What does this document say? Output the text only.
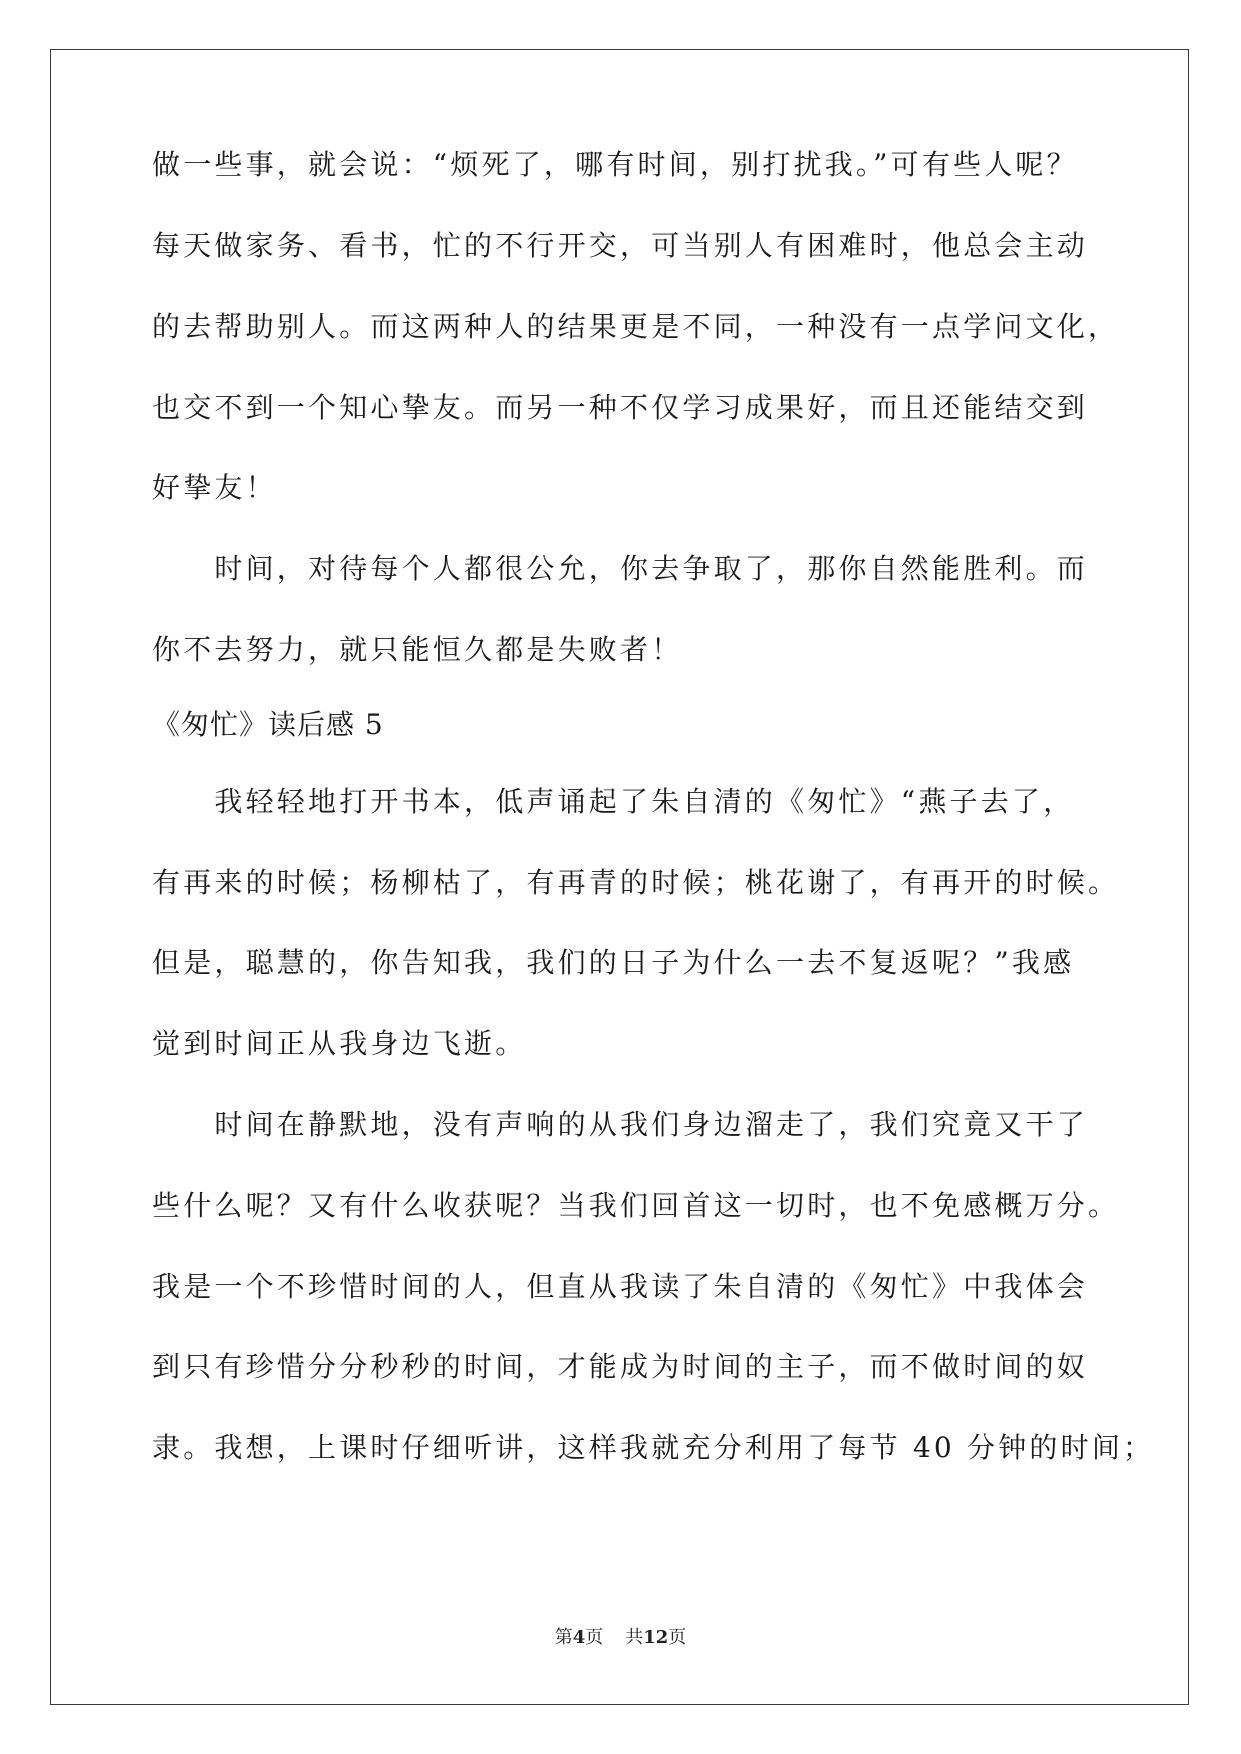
做一些事，就会说：“烦死了，哪有时间，别打扰我。”可有些人呢？
每天做家务、看书，忙的不行开交，可当别人有困难时，他总会主动
的去帮助别人。而这两种人的结果更是不同，一种没有一点学问文化，
也交不到一个知心挚友。而另一种不仅学习成果好，而且还能结交到
好挚友！
　　时间，对待每个人都很公允，你去争取了，那你自然能胜利。而
你不去努力，就只能恒久都是失败者！
《匆忙》读后感 5
　　我轻轻地打开书本，低声诵起了朱自清的《匆忙》“燕子去了，
有再来的时候；杨柳枯了，有再青的时候；桃花谢了，有再开的时候。
但是，聪慧的，你告知我，我们的日子为什么一去不复返呢？”我感
觉到时间正从我身边飞逝。
　　时间在静默地，没有声响的从我们身边溜走了，我们究竟又干了
些什么呢？又有什么收获呢？当我们回首这一切时，也不免感概万分。
我是一个不珍惜时间的人，但直从我读了朱自清的《匆忙》中我体会
到只有珍惜分分秒秒的时间，才能成为时间的主子，而不做时间的奴
隶。我想，上课时仔细听讲，这样我就充分利用了每节 40 分钟的时间；
第4页 共12页
